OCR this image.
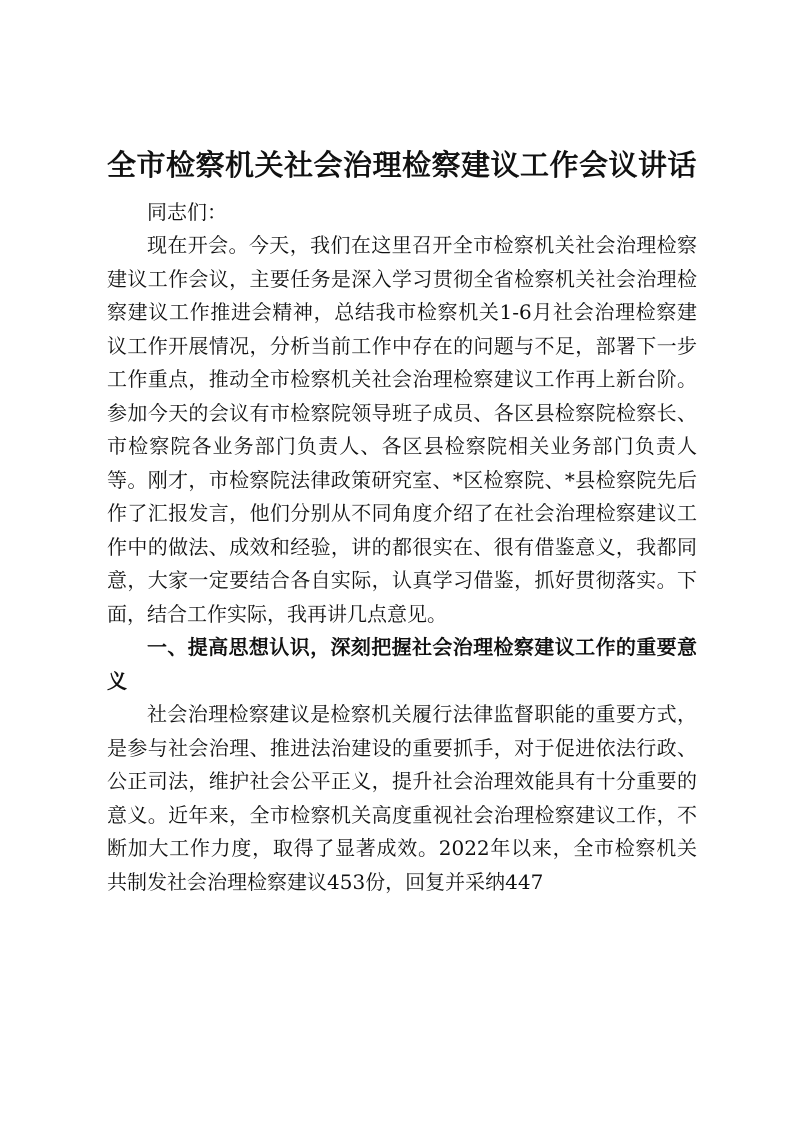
全市检察机关社会治理检察建议工作会议讲话

同志们：

现在开会。今天，我们在这里召开全市检察机关社会治理检察建议工作会议，主要任务是深入学习贯彻全省检察机关社会治理检察建议工作推进会精神，总结我市检察机关1-6月社会治理检察建议工作开展情况，分析当前工作中存在的问题与不足，部署下一步工作重点，推动全市检察机关社会治理检察建议工作再上新台阶。参加今天的会议有市检察院领导班子成员、各区县检察院检察长、市检察院各业务部门负责人、各区县检察院相关业务部门负责人等。刚才，市检察院法律政策研究室、*区检察院、*县检察院先后作了汇报发言，他们分别从不同角度介绍了在社会治理检察建议工作中的做法、成效和经验，讲的都很实在、很有借鉴意义，我都同意，大家一定要结合各自实际，认真学习借鉴，抓好贯彻落实。下面，结合工作实际，我再讲几点意见。

一、提高思想认识，深刻把握社会治理检察建议工作的重要意义

社会治理检察建议是检察机关履行法律监督职能的重要方式，是参与社会治理、推进法治建设的重要抓手，对于促进依法行政、公正司法，维护社会公平正义，提升社会治理效能具有十分重要的意义。近年来，全市检察机关高度重视社会治理检察建议工作，不断加大工作力度，取得了显著成效。2022年以来，全市检察机关共制发社会治理检察建议453份，回复并采纳447
